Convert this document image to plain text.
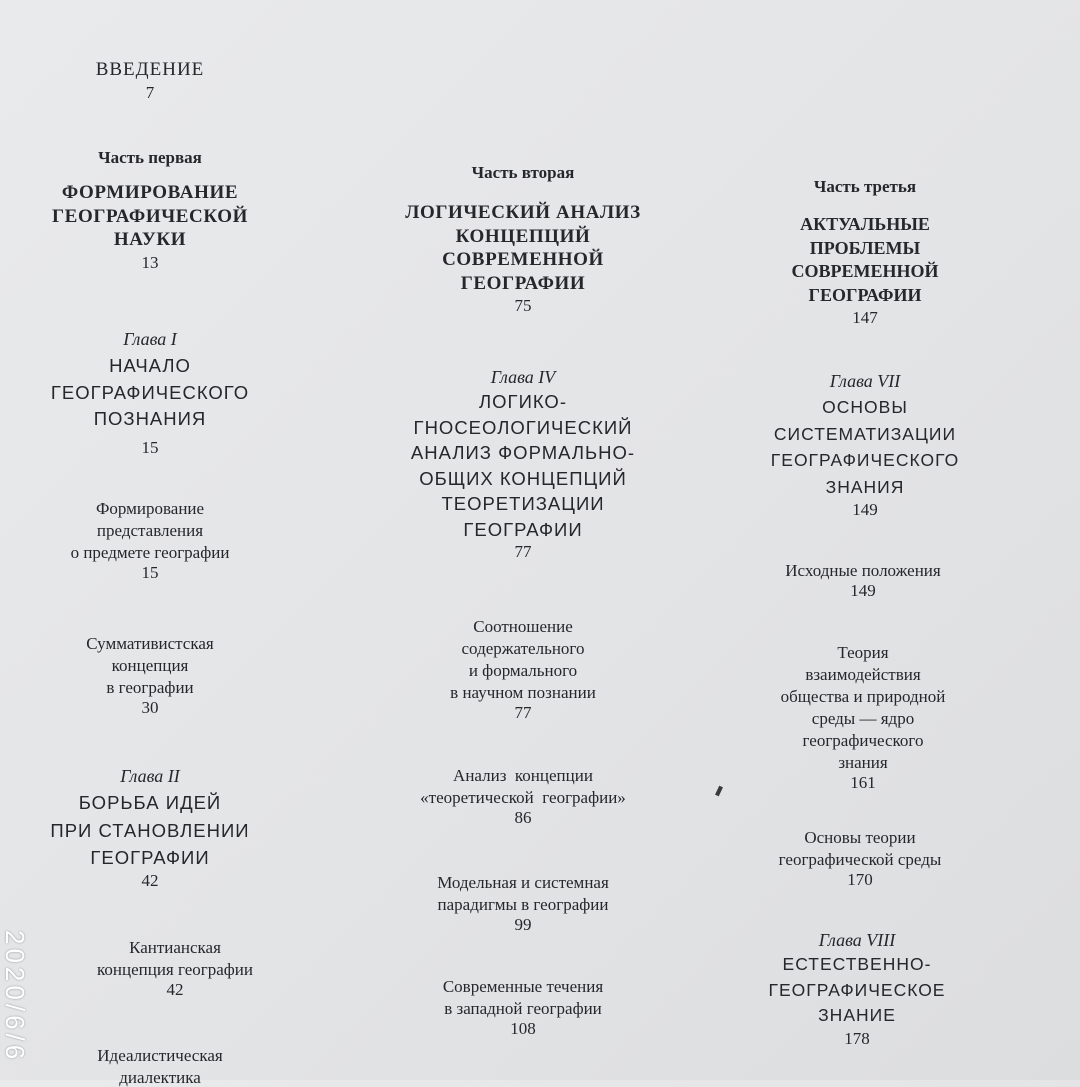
ВВЕДЕНИЕ
7
Часть первая
ФОРМИРОВАНИЕ
ГЕОГРАФИЧЕСКОЙ
НАУКИ
13
Глава I
НАЧАЛО
ГЕОГРАФИЧЕСКОГО
ПОЗНАНИЯ
15
Формирование
представления
о предмете географии
15
Суммативистская
концепция
в географии
30
Глава II
БОРЬБА ИДЕЙ
ПРИ СТАНОВЛЕНИИ
ГЕОГРАФИИ
42
Кантианская
концепция географии
42
Идеалистическая
диалектика
Часть вторая
ЛОГИЧЕСКИЙ АНАЛИЗ
КОНЦЕПЦИЙ
СОВРЕМЕННОЙ
ГЕОГРАФИИ
75
Глава IV
ЛОГИКО-
ГНОСЕОЛОГИЧЕСКИЙ
АНАЛИЗ ФОРМАЛЬНО-
ОБЩИХ КОНЦЕПЦИЙ
ТЕОРЕТИЗАЦИИ
ГЕОГРАФИИ
77
Соотношение
содержательного
и формального
в научном познании
77
Анализ  концепции
«теоретической  географии»
86
Модельная и системная
парадигмы в географии
99
Современные течения
в западной географии
108
Часть третья
АКТУАЛЬНЫЕ
ПРОБЛЕМЫ
СОВРЕМЕННОЙ
ГЕОГРАФИИ
147
Глава VII
ОСНОВЫ
СИСТЕМАТИЗАЦИИ
ГЕОГРАФИЧЕСКОГО
ЗНАНИЯ
149
Исходные положения
149
Теория
взаимодействия
общества и природной
среды — ядро
географического
знания
161
Основы теории
географической среды
170
Глава VIII
ЕСТЕСТВЕННО-
ГЕОГРАФИЧЕСКОЕ
ЗНАНИЕ
178
2020/6/6
